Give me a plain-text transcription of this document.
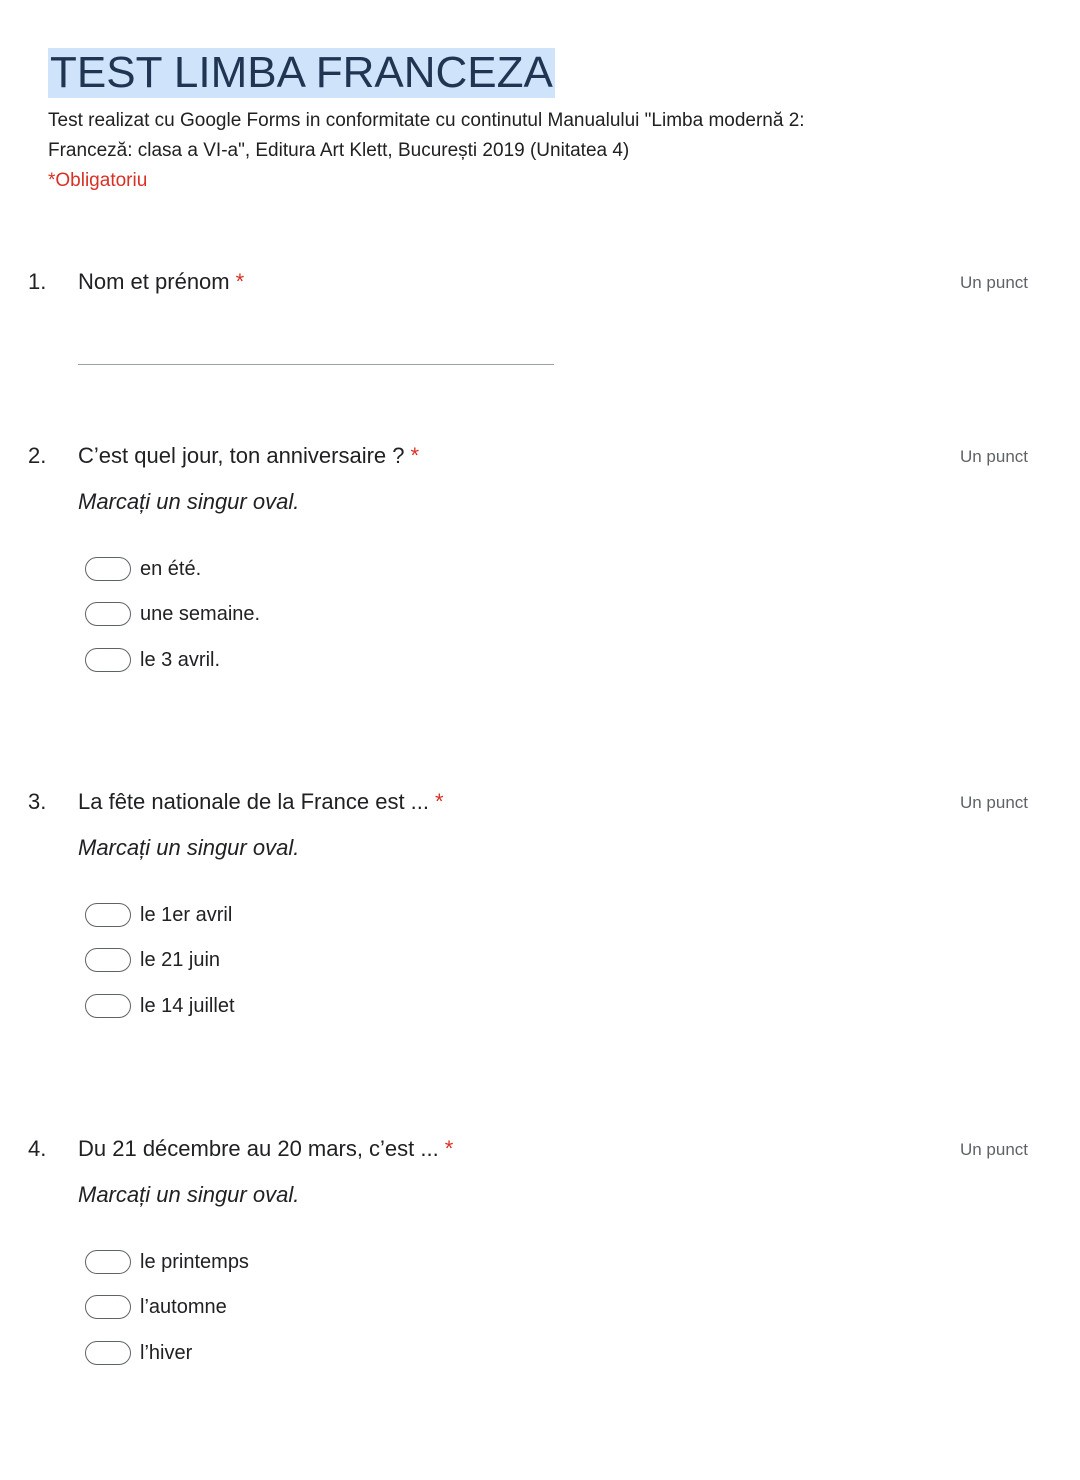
TEST LIMBA FRANCEZA
Test realizat cu Google Forms in conformitate cu continutul Manualului "Limba modernă 2:
Franceză: clasa a VI-a", Editura Art Klett, București 2019 (Unitatea 4)
*Obligatoriu
1. Nom et prénom *	Un punct
2. C’est quel jour, ton anniversaire ? *	Un punct
Marcați un singur oval.
en été.
une semaine.
le 3 avril.
3. La fête nationale de la France est ... *	Un punct
Marcați un singur oval.
le 1er avril
le 21 juin
le 14 juillet
4. Du 21 décembre au 20 mars, c’est ... *	Un punct
Marcați un singur oval.
le printemps
l’automne
l’hiver
